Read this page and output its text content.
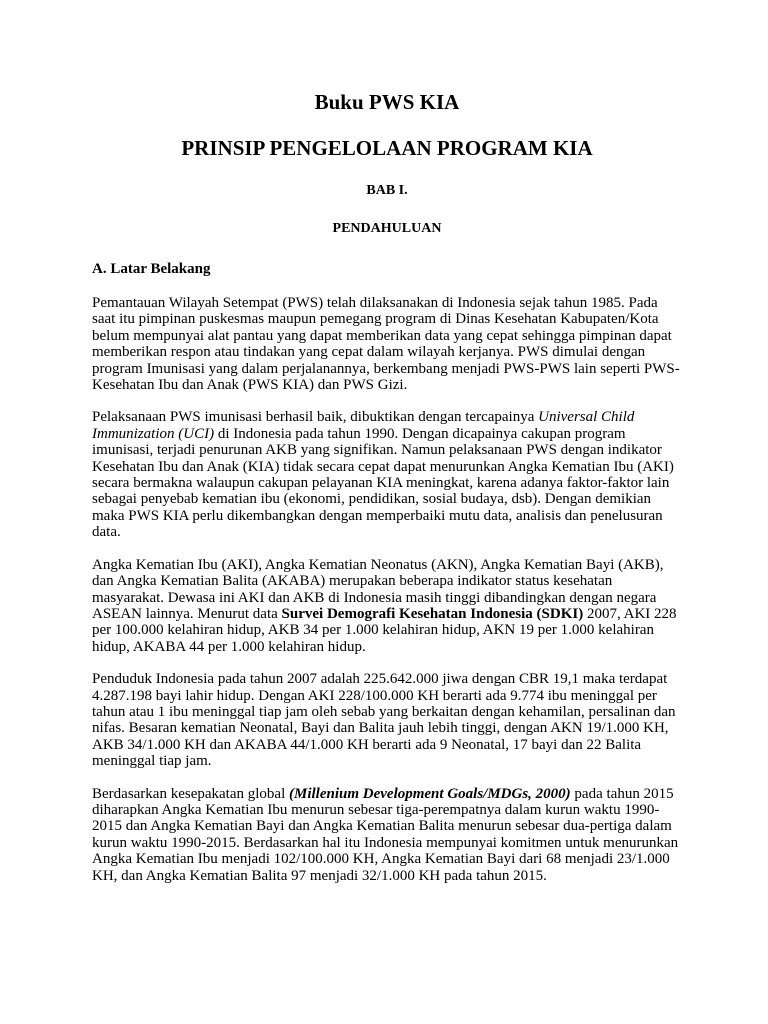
Buku PWS KIA
PRINSIP PENGELOLAAN PROGRAM KIA
BAB I.
PENDAHULUAN
A. Latar Belakang

Pemantauan Wilayah Setempat (PWS) telah dilaksanakan di Indonesia sejak tahun 1985. Pada saat itu pimpinan puskesmas maupun pemegang program di Dinas Kesehatan Kabupaten/Kota belum mempunyai alat pantau yang dapat memberikan data yang cepat sehingga pimpinan dapat memberikan respon atau tindakan yang cepat dalam wilayah kerjanya. PWS dimulai dengan program Imunisasi yang dalam perjalanannya, berkembang menjadi PWS-PWS lain seperti PWS-Kesehatan Ibu dan Anak (PWS KIA) dan PWS Gizi.

Pelaksanaan PWS imunisasi berhasil baik, dibuktikan dengan tercapainya Universal Child Immunization (UCI) di Indonesia pada tahun 1990. Dengan dicapainya cakupan program imunisasi, terjadi penurunan AKB yang signifikan. Namun pelaksanaan PWS dengan indikator Kesehatan Ibu dan Anak (KIA) tidak secara cepat dapat menurunkan Angka Kematian Ibu (AKI) secara bermakna walaupun cakupan pelayanan KIA meningkat, karena adanya faktor-faktor lain sebagai penyebab kematian ibu (ekonomi, pendidikan, sosial budaya, dsb). Dengan demikian maka PWS KIA perlu dikembangkan dengan memperbaiki mutu data, analisis dan penelusuran data.

Angka Kematian Ibu (AKI), Angka Kematian Neonatus (AKN), Angka Kematian Bayi (AKB), dan Angka Kematian Balita (AKABA) merupakan beberapa indikator status kesehatan masyarakat. Dewasa ini AKI dan AKB di Indonesia masih tinggi dibandingkan dengan negara ASEAN lainnya. Menurut data Survei Demografi Kesehatan Indonesia (SDKI) 2007, AKI 228 per 100.000 kelahiran hidup, AKB 34 per 1.000 kelahiran hidup, AKN 19 per 1.000 kelahiran hidup, AKABA 44 per 1.000 kelahiran hidup.

Penduduk Indonesia pada tahun 2007 adalah 225.642.000 jiwa dengan CBR 19,1 maka terdapat 4.287.198 bayi lahir hidup. Dengan AKI 228/100.000 KH berarti ada 9.774 ibu meninggal per tahun atau 1 ibu meninggal tiap jam oleh sebab yang berkaitan dengan kehamilan, persalinan dan nifas. Besaran kematian Neonatal, Bayi dan Balita jauh lebih tinggi, dengan AKN 19/1.000 KH, AKB 34/1.000 KH dan AKABA 44/1.000 KH berarti ada 9 Neonatal, 17 bayi dan 22 Balita meninggal tiap jam.

Berdasarkan kesepakatan global (Millenium Development Goals/MDGs, 2000) pada tahun 2015 diharapkan Angka Kematian Ibu menurun sebesar tiga-perempatnya dalam kurun waktu 1990-2015 dan Angka Kematian Bayi dan Angka Kematian Balita menurun sebesar dua-pertiga dalam kurun waktu 1990-2015. Berdasarkan hal itu Indonesia mempunyai komitmen untuk menurunkan Angka Kematian Ibu menjadi 102/100.000 KH, Angka Kematian Bayi dari 68 menjadi 23/1.000 KH, dan Angka Kematian Balita 97 menjadi 32/1.000 KH pada tahun 2015.
